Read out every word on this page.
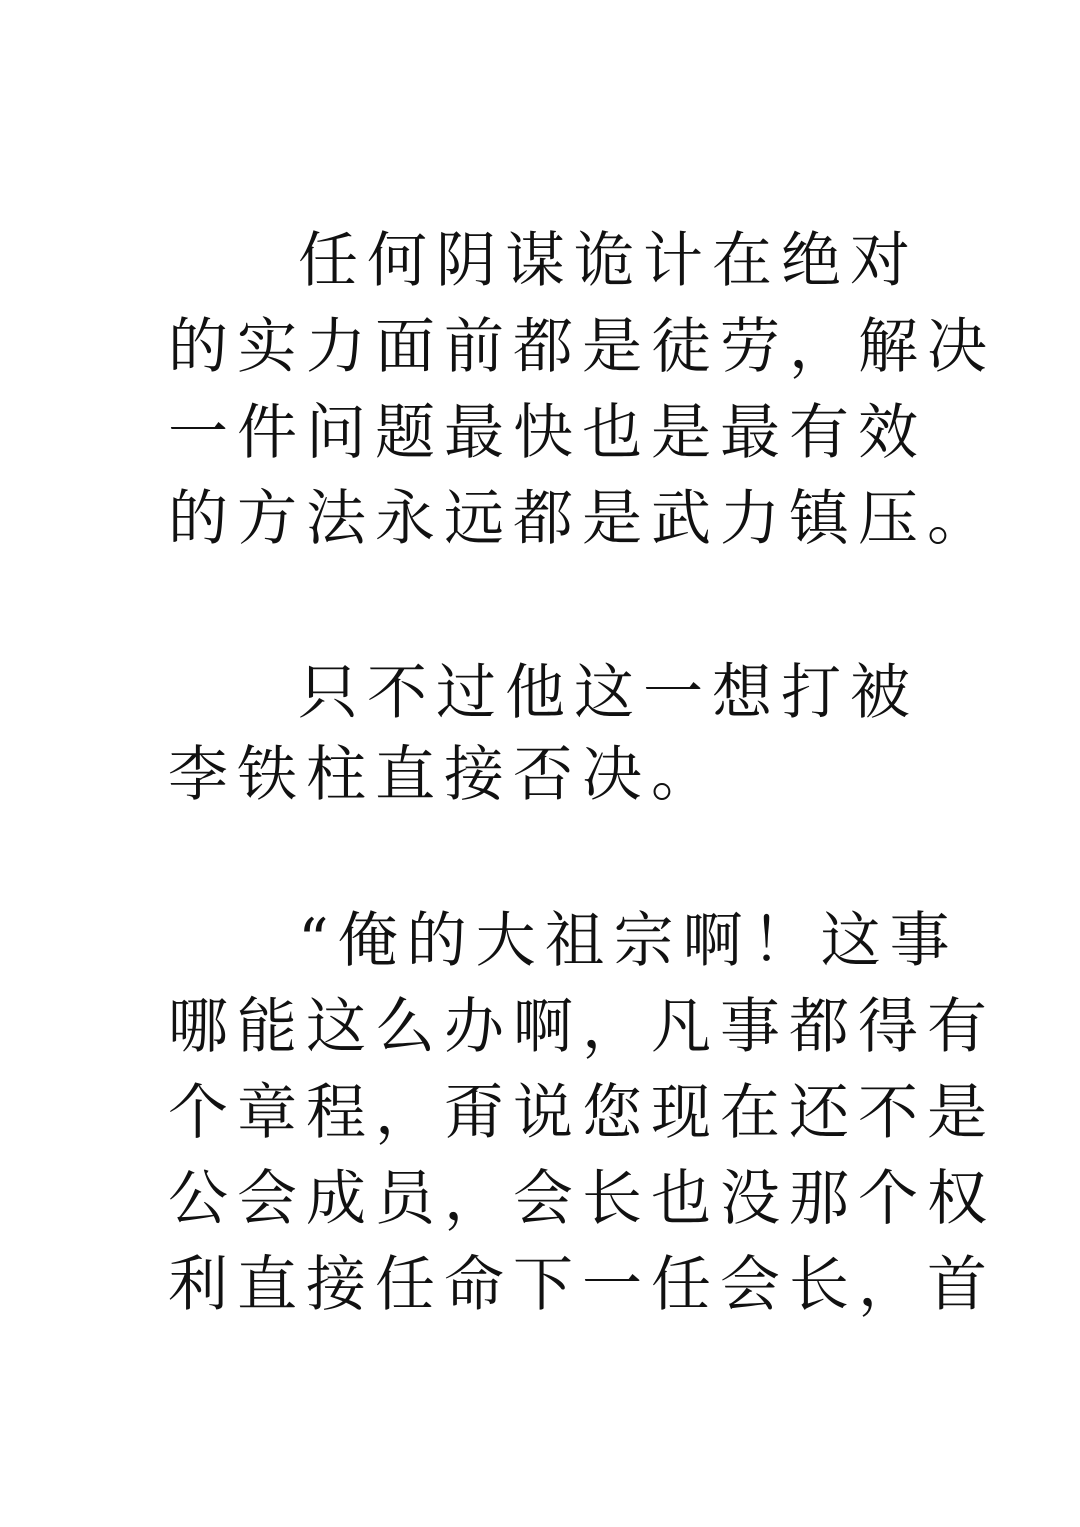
任何阴谋诡计在绝对
的实力面前都是徒劳，解决
一件问题最快也是最有效
的方法永远都是武力镇压。
只不过他这一想打被
李铁柱直接否决。
“俺的大祖宗啊！这事
哪能这么办啊，凡事都得有
个章程，甭说您现在还不是
公会成员，会长也没那个权
利直接任命下一任会长，首
